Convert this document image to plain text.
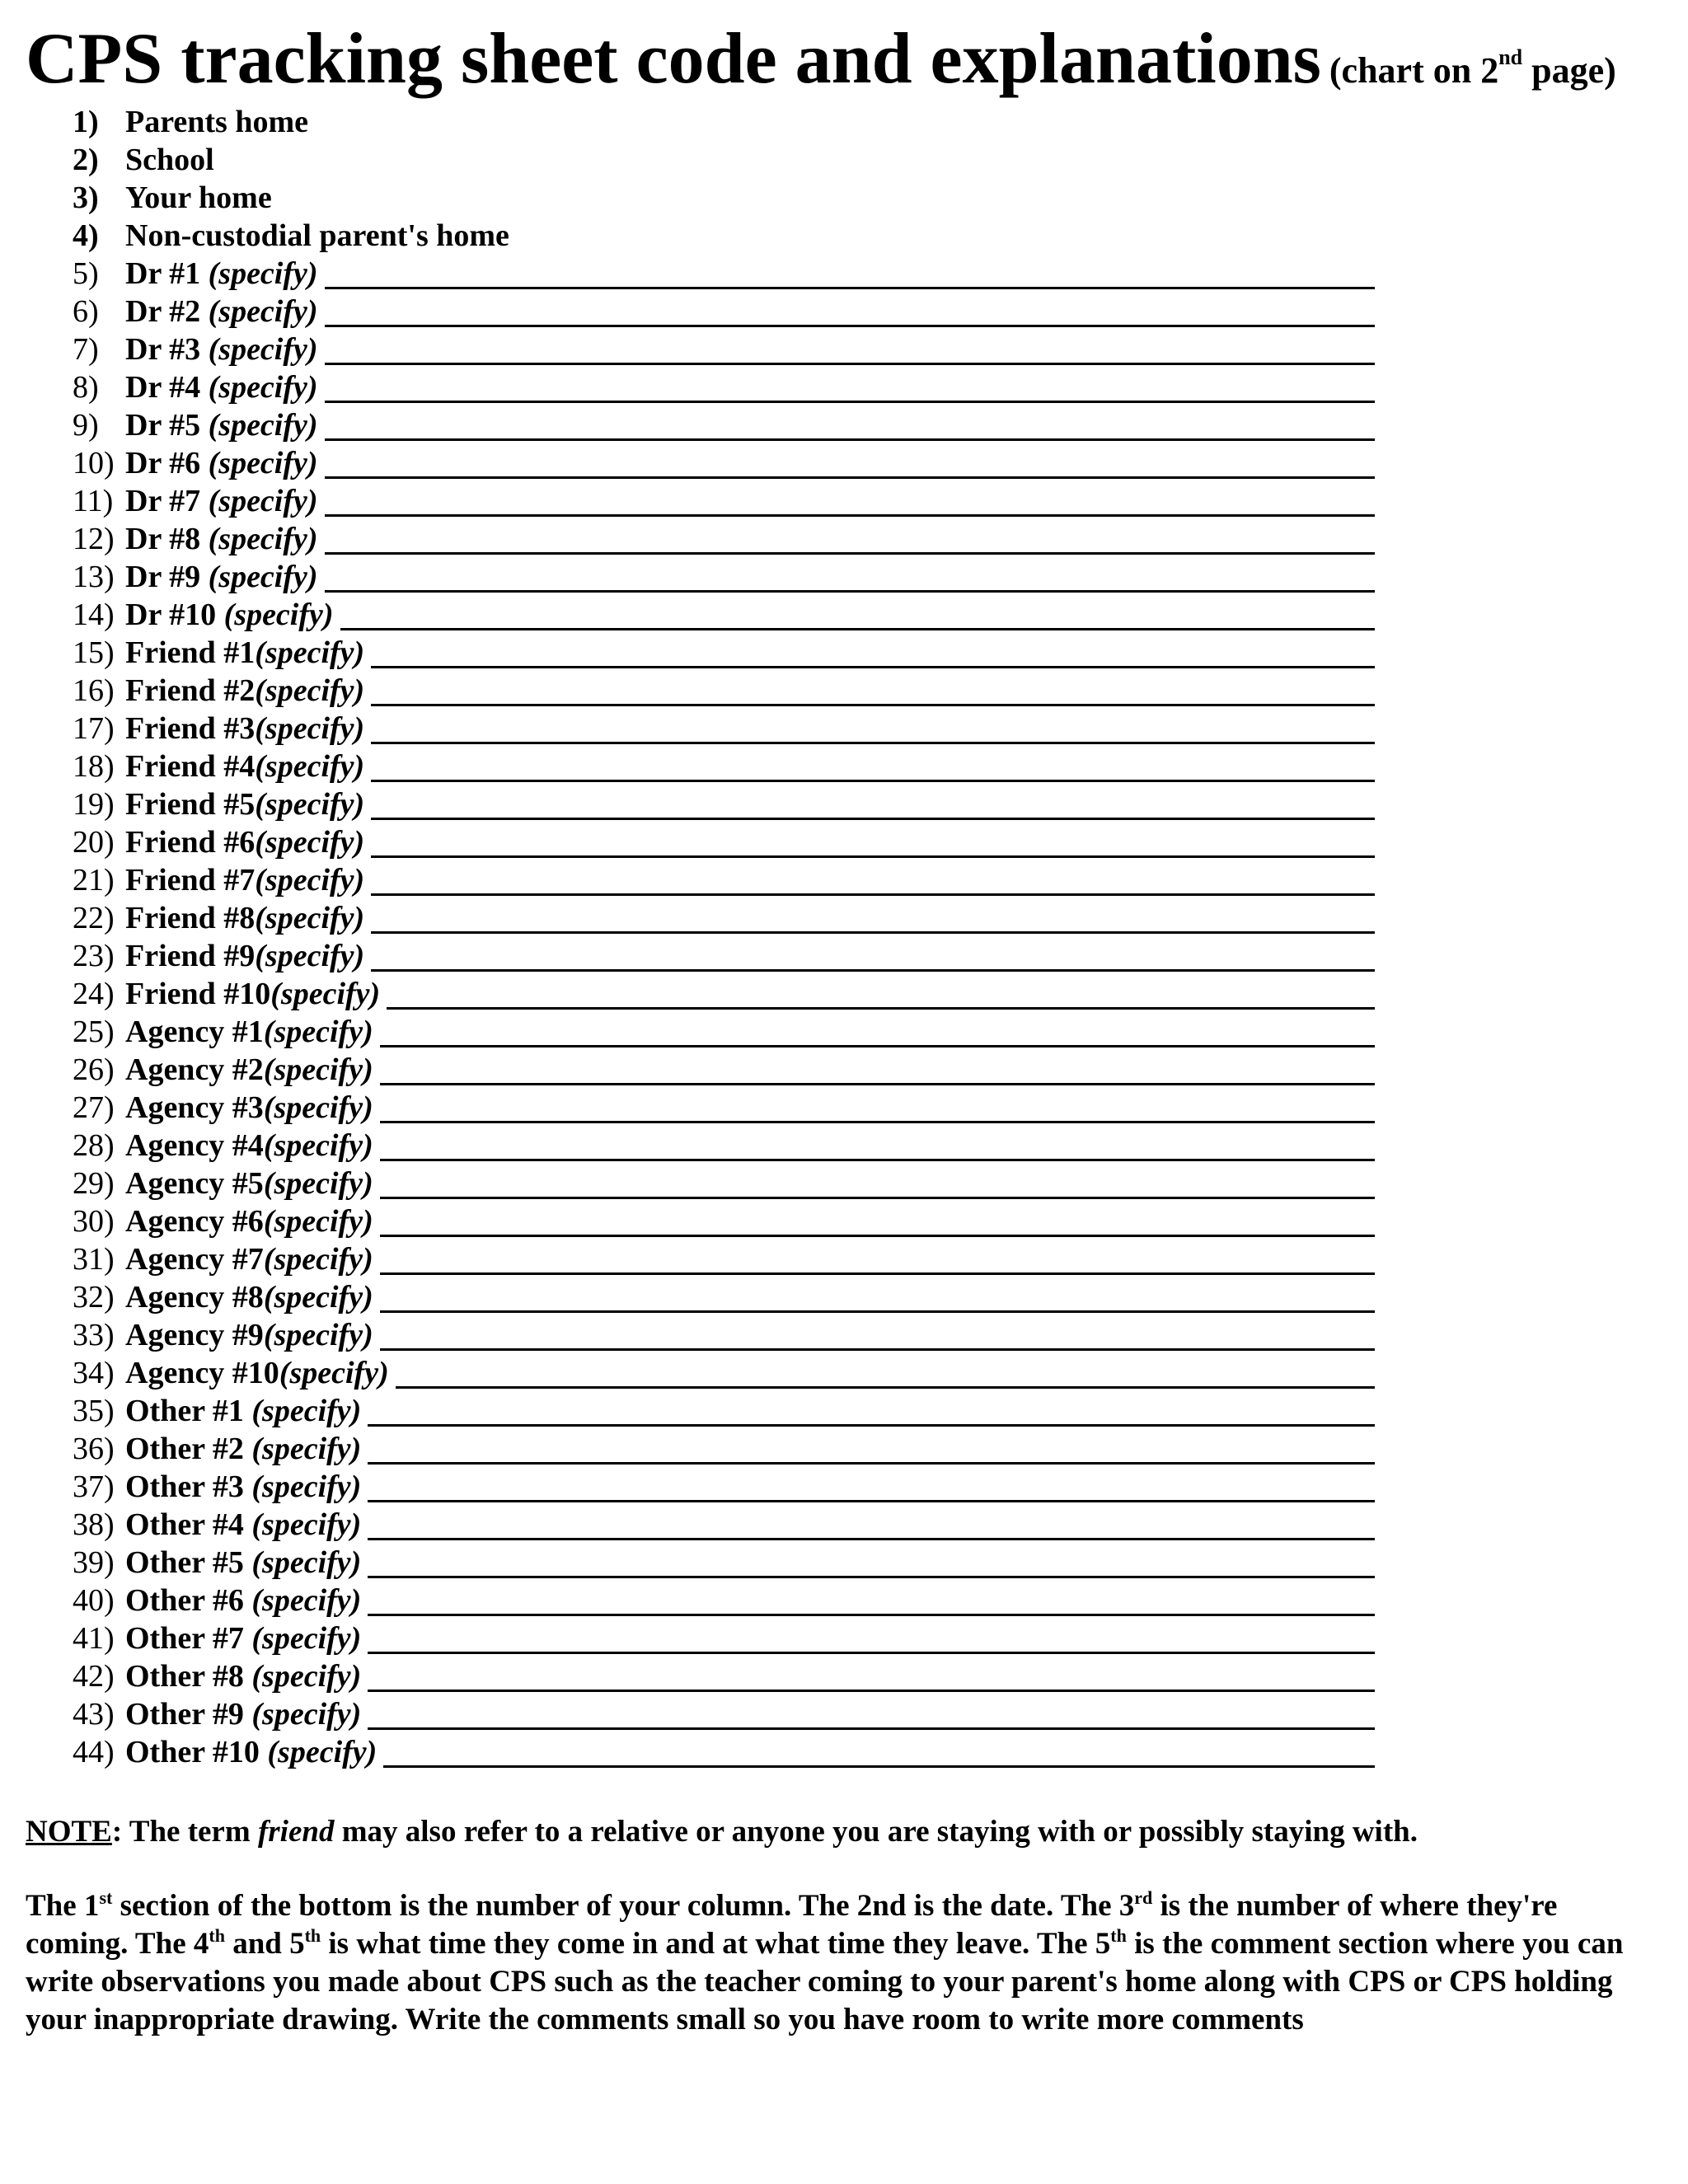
CPS tracking sheet code and explanations (chart on 2nd page)
1) Parents home
2) School
3) Your home
4) Non-custodial parent's home
5) Dr #1 (specify)
6) Dr #2 (specify)
7) Dr #3 (specify)
8) Dr #4 (specify)
9) Dr #5 (specify)
10) Dr #6 (specify)
11) Dr #7 (specify)
12) Dr #8 (specify)
13) Dr #9 (specify)
14) Dr #10 (specify)
15) Friend #1(specify)
16) Friend #2(specify)
17) Friend #3(specify)
18) Friend #4(specify)
19) Friend #5(specify)
20) Friend #6(specify)
21) Friend #7(specify)
22) Friend #8(specify)
23) Friend #9(specify)
24) Friend #10(specify)
25) Agency #1(specify)
26) Agency #2(specify)
27) Agency #3(specify)
28) Agency #4(specify)
29) Agency #5(specify)
30) Agency #6(specify)
31) Agency #7(specify)
32) Agency #8(specify)
33) Agency #9(specify)
34) Agency #10(specify)
35) Other #1 (specify)
36) Other #2 (specify)
37) Other #3 (specify)
38) Other #4 (specify)
39) Other #5 (specify)
40) Other #6 (specify)
41) Other #7 (specify)
42) Other #8 (specify)
43) Other #9 (specify)
44) Other #10 (specify)
NOTE: The term friend may also refer to a relative or anyone you are staying with or possibly staying with.
The 1st section of the bottom is the number of your column. The 2nd is the date. The 3rd is the number of where they're coming. The 4th and 5th is what time they come in and at what time they leave. The 5th is the comment section where you can write observations you made about CPS such as the teacher coming to your parent's home along with CPS or CPS holding your inappropriate drawing. Write the comments small so you have room to write more comments
